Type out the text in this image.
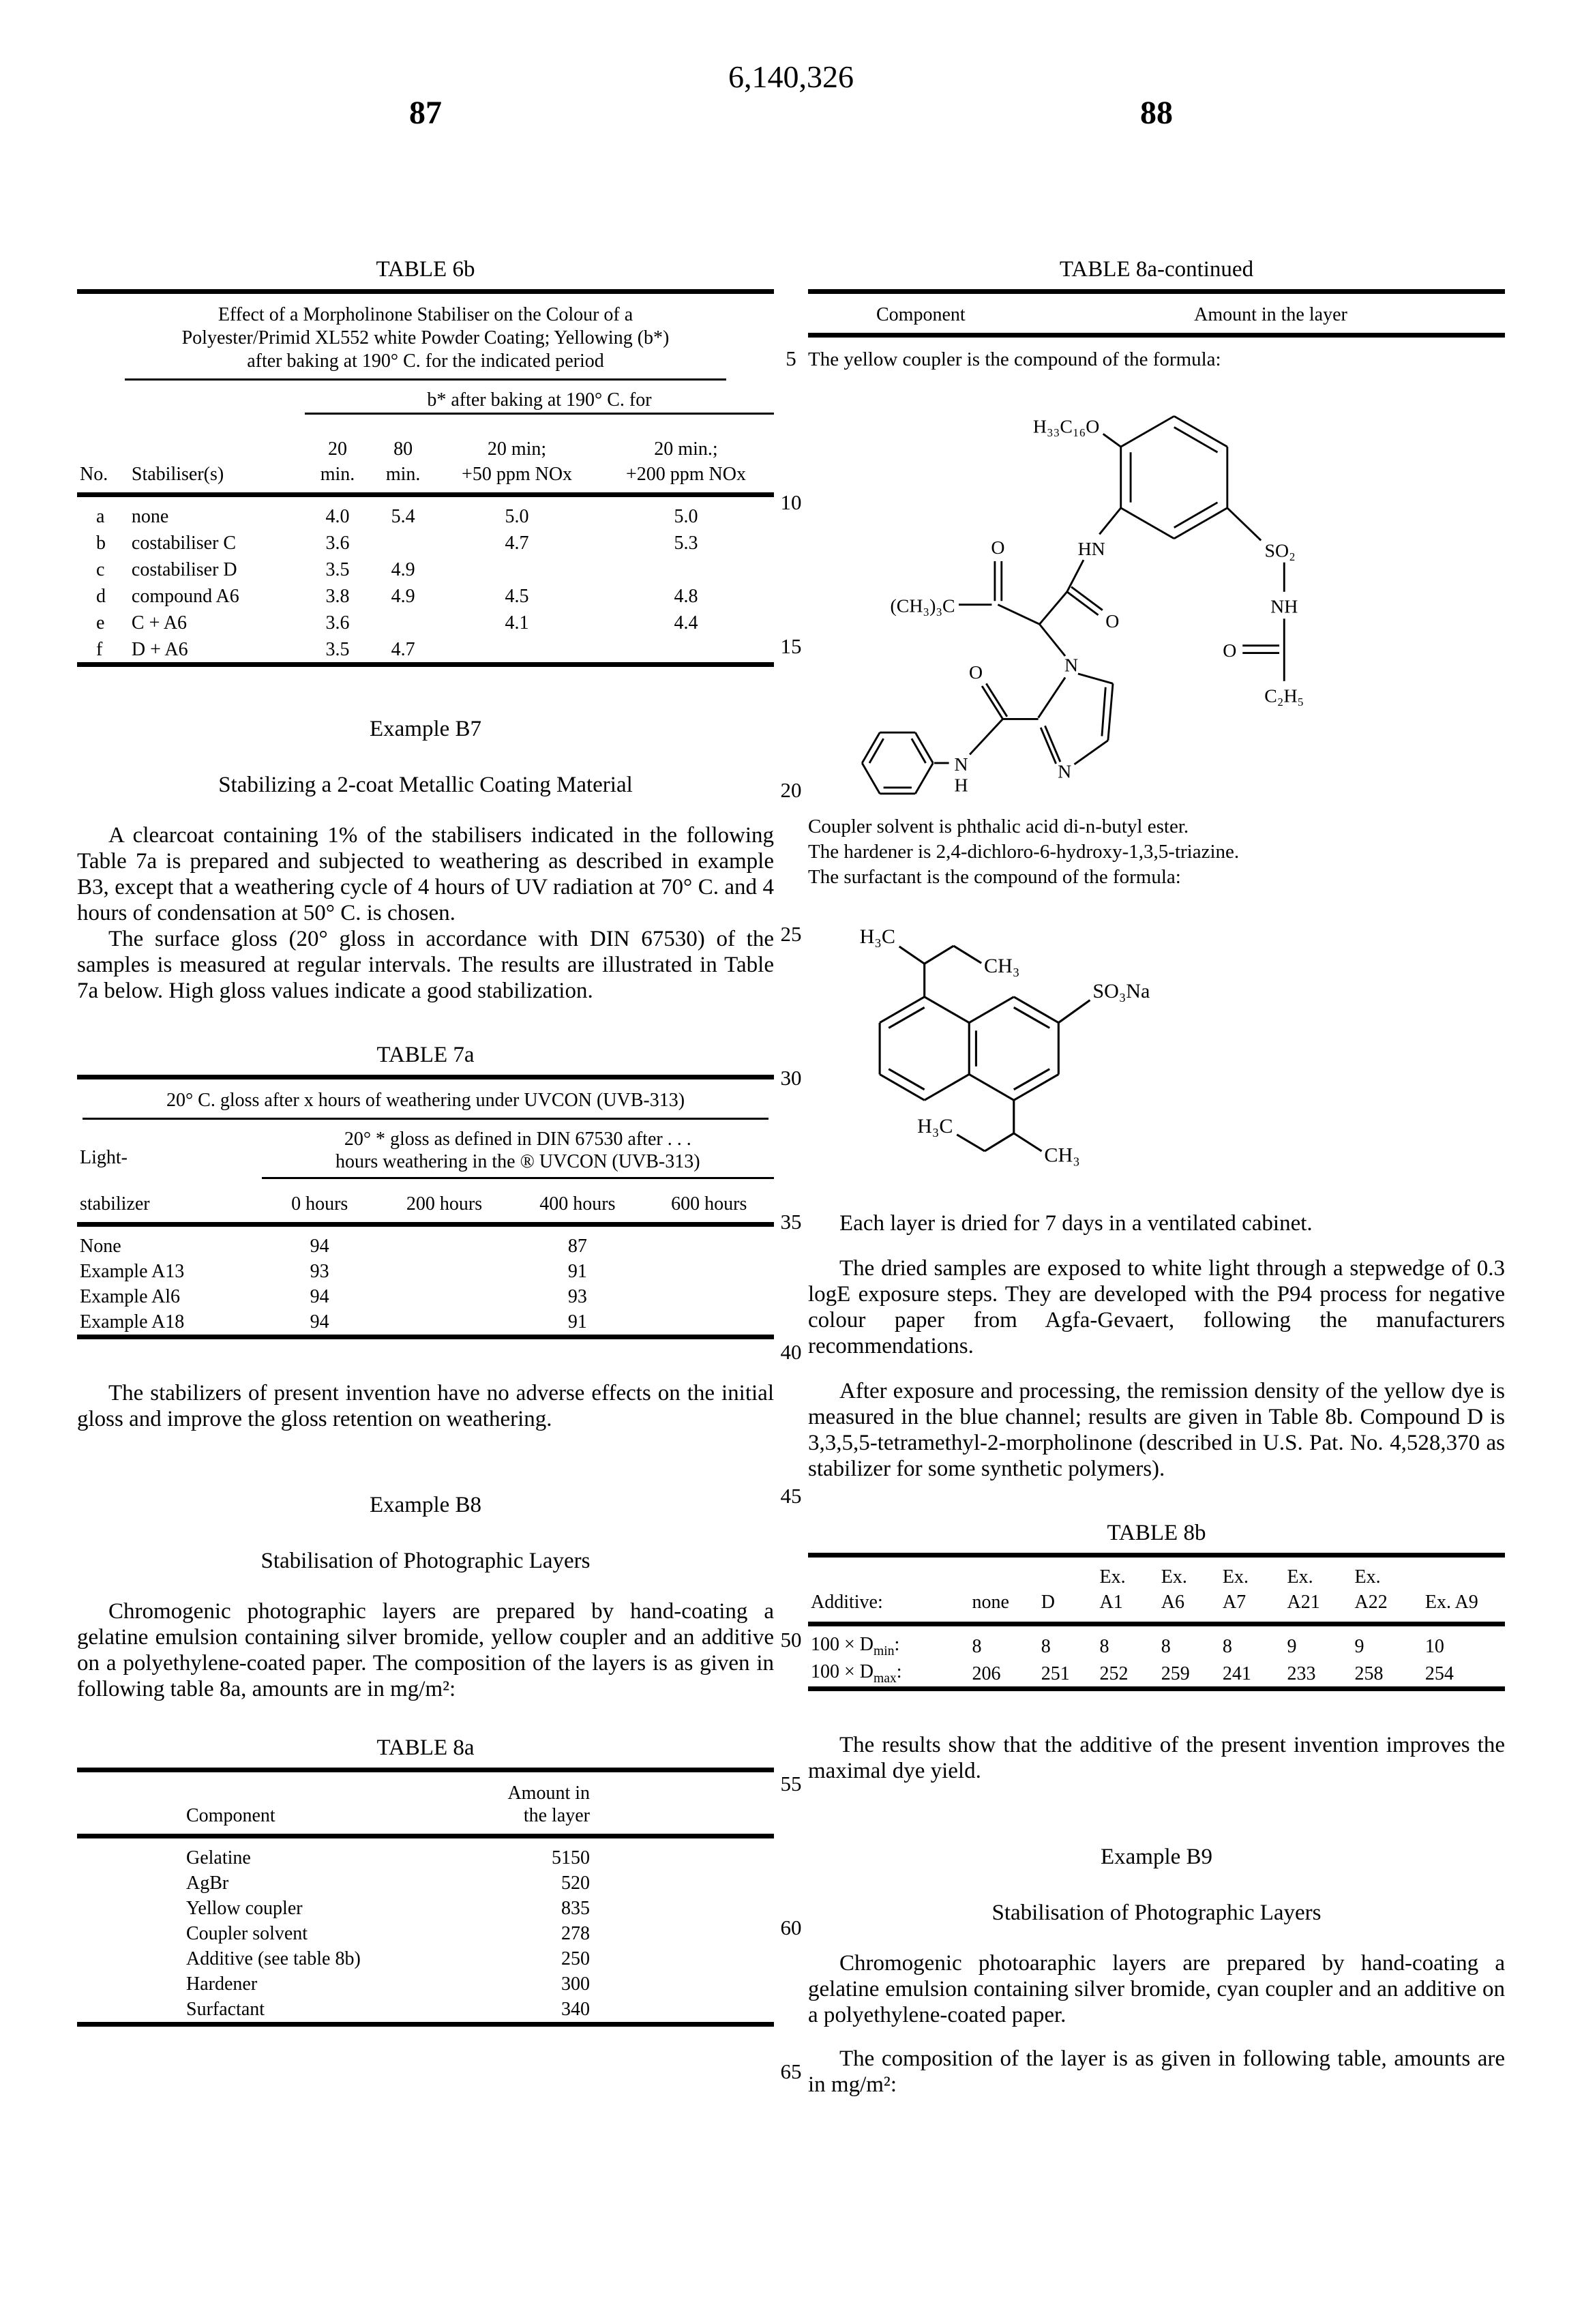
6,140,326
87	88
5
10
15
20
25
30
35
40
45
50
55
60
65
TABLE 6b
Effect of a Morpholinone Stabiliser on the Colour of a
Polyester/Primid XL552 white Powder Coating; Yellowing (b*)
after baking at 190° C. for the indicated period
		b* after baking at 190° C. for			
		20	80	20 min;	20 min.;
No.	Stabiliser(s)	min.	min.	+50 ppm NOx	+200 ppm NOx
a	none	4.0	5.4	5.0	5.0
b	costabiliser C	3.6		4.7	5.3
c	costabiliser D	3.5	4.9		
d	compound A6	3.8	4.9	4.5	4.8
e	C + A6	3.6		4.1	4.4
f	D + A6	3.5	4.7		
Example B7
Stabilizing a 2-coat Metallic Coating Material

A clearcoat containing 1% of the stabilisers indicated in the following Table 7a is prepared and subjected to weathering as described in example B3, except that a weathering cycle of 4 hours of UV radiation at 70° C. and 4 hours of condensation at 50° C. is chosen.

The surface gloss (20° gloss in accordance with DIN 67530) of the samples is measured at regular intervals. The results are illustrated in Table 7a below. High gloss values indicate a good stabilization.

TABLE 7a
20° C. gloss after x hours of weathering under UVCON (UVB-313)
Light-	20° * gloss as defined in DIN 67530 after . . .
hours weathering in the ® UVCON (UVB-313)			

stabilizer	0 hours	200 hours	400 hours	600 hours
None	94		87	
Example A13	93		91	
Example Al6	94		93	
Example A18	94		91	

The stabilizers of present invention have no adverse effects on the initial gloss and improve the gloss retention on weathering.

Example B8
Stabilisation of Photographic Layers

Chromogenic photographic layers are prepared by hand-coating a gelatine emulsion containing silver bromide, yellow coupler and an additive on a polyethylene-coated paper. The composition of the layers is as given in following table 8a, amounts are in mg/m²:

TABLE 8a
Component	Amount in the layer
Gelatine	5150
AgBr	520
Yellow coupler	835
Coupler solvent	278
Additive (see table 8b)	250
Hardener	300
Surfactant	340
TABLE 8a-continued
Component	Amount in the layer
The yellow coupler is the compound of the formula:
H₃₃C₁₆O
SO₂
NH
O
C₂H₅
HN
O
O
(CH₃)₃C
N
N
O
N
H
Coupler solvent is phthalic acid di-n-butyl ester.
The hardener is 2,4-dichloro-6-hydroxy-1,3,5-triazine.
The surfactant is the compound of the formula:
H₃C
CH₃
SO₃Na
H₃C
CH₃

Each layer is dried for 7 days in a ventilated cabinet.

The dried samples are exposed to white light through a stepwedge of 0.3 logE exposure steps. They are developed with the P94 process for negative colour paper from Agfa-Gevaert, following the manufacturers recommendations.

After exposure and processing, the remission density of the yellow dye is measured in the blue channel; results are given in Table 8b. Compound D is 3,3,5,5-tetramethyl-2-morpholinone (described in U.S. Pat. No. 4,528,370 as stabilizer for some synthetic polymers).

TABLE 8b
			Ex.	Ex.	Ex.	Ex.	Ex.	
Additive:	none	D	A1	A6	A7	A21	A22	Ex. A9
$100 \times D_{min}$:	8	8	8	8	8	9	9	10
$100 \times D_{max}$:	206	251	252	259	241	233	258	254

The results show that the additive of the present invention improves the maximal dye yield.

Example B9
Stabilisation of Photographic Layers

Chromogenic photoaraphic layers are prepared by hand-coating a gelatine emulsion containing silver bromide, cyan coupler and an additive on a polyethylene-coated paper.

The composition of the layer is as given in following table, amounts are in mg/m²:
